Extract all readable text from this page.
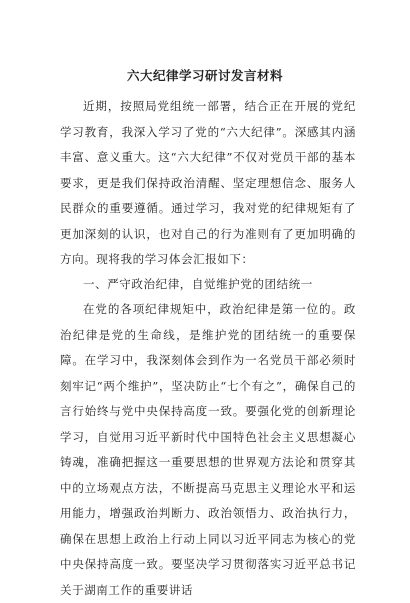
六大纪律学习研讨发言材料

近期，按照局党组统一部署，结合正在开展的党纪学习教育，我深入学习了党的“六大纪律”。深感其内涵丰富、意义重大。这“六大纪律”不仅对党员干部的基本要求，更是我们保持政治清醒、坚定理想信念、服务人民群众的重要遵循。通过学习，我对党的纪律规矩有了更加深刻的认识，也对自己的行为准则有了更加明确的方向。现将我的学习体会汇报如下：

一、严守政治纪律，自觉维护党的团结统一

在党的各项纪律规矩中，政治纪律是第一位的。政治纪律是党的生命线，是维护党的团结统一的重要保障。在学习中，我深刻体会到作为一名党员干部必须时刻牢记“两个维护”，坚决防止“七个有之”，确保自己的言行始终与党中央保持高度一致。要强化党的创新理论学习，自觉用习近平新时代中国特色社会主义思想凝心铸魂，准确把握这一重要思想的世界观方法论和贯穿其中的立场观点方法，不断提高马克思主义理论水平和运用能力，增强政治判断力、政治领悟力、政治执行力，确保在思想上政治上行动上同以习近平同志为核心的党中央保持高度一致。要坚决学习贯彻落实习近平总书记关于湖南工作的重要讲话
